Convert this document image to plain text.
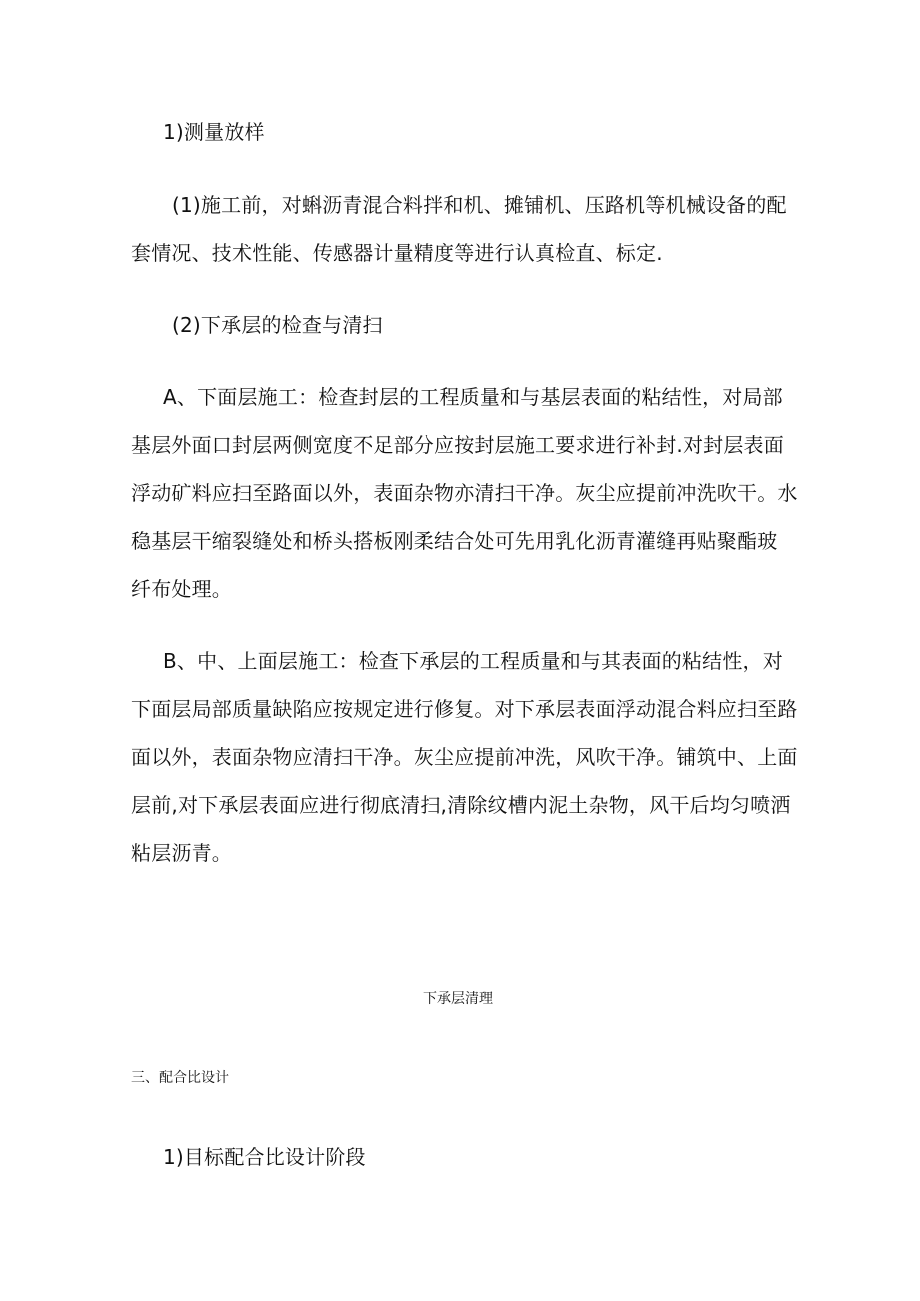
1)测量放样
(1)施工前，对蝌沥青混合料拌和机、摊铺机、压路机等机械设备的配
套情况、技术性能、传感器计量精度等进行认真检直、标定.
(2)下承层的检查与清扫
A、下面层施工：检查封层的工程质量和与基层表面的粘结性，对局部
基层外面口封层两侧宽度不足部分应按封层施工要求进行补封.对封层表面
浮动矿料应扫至路面以外，表面杂物亦清扫干净。灰尘应提前冲洗吹干。水
稳基层干缩裂缝处和桥头搭板刚柔结合处可先用乳化沥青灌缝再贴聚酯玻
纤布处理。
B、中、上面层施工：检查下承层的工程质量和与其表面的粘结性，对
下面层局部质量缺陷应按规定进行修复。对下承层表面浮动混合料应扫至路
面以外，表面杂物应清扫干净。灰尘应提前冲洗，风吹干净。铺筑中、上面
层前,对下承层表面应进行彻底清扫,清除纹槽内泥土杂物，风干后均匀喷洒
粘层沥青。
下承层清理
三、配合比设计
1)目标配合比设计阶段
